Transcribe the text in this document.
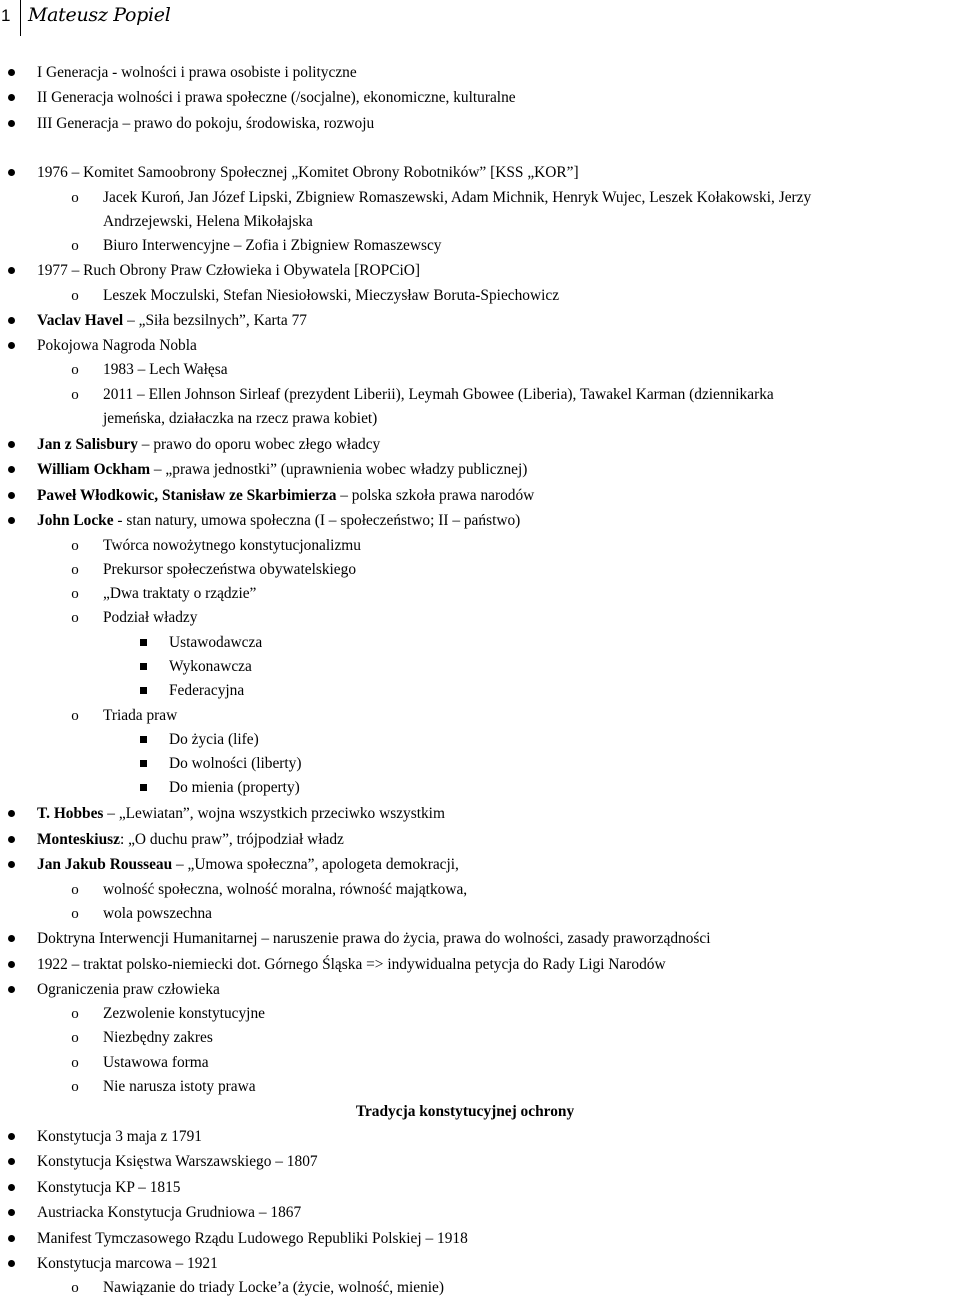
1 Mateusz Popiel
I Generacja - wolności i prawa osobiste i polityczne
II Generacja wolności i prawa społeczne (/socjalne), ekonomiczne, kulturalne
III Generacja – prawo do pokoju, środowiska, rozwoju
1976 – Komitet Samoobrony Społecznej „Komitet Obrony Robotników” [KSS „KOR”]
o Jacek Kuroń, Jan Józef Lipski, Zbigniew Romaszewski, Adam Michnik, Henryk Wujec, Leszek Kołakowski, Jerzy
Andrzejewski, Helena Mikołajska
o Biuro Interwencyjne – Zofia i Zbigniew Romaszewscy
1977 – Ruch Obrony Praw Człowieka i Obywatela [ROPCiO]
o Leszek Moczulski, Stefan Niesiołowski, Mieczysław Boruta-Spiechowicz
Vaclav Havel – „Siła bezsilnych”, Karta 77
Pokojowa Nagroda Nobla
o 1983 – Lech Wałęsa
o 2011 – Ellen Johnson Sirleaf (prezydent Liberii), Leymah Gbowee (Liberia), Tawakel Karman (dziennikarka
jemeńska, działaczka na rzecz prawa kobiet)
Jan z Salisbury – prawo do oporu wobec złego władcy
William Ockham – „prawa jednostki” (uprawnienia wobec władzy publicznej)
Paweł Włodkowic, Stanisław ze Skarbimierza – polska szkoła prawa narodów
John Locke - stan natury, umowa społeczna (I – społeczeństwo; II – państwo)
o Twórca nowożytnego konstytucjonalizmu
o Prekursor społeczeństwa obywatelskiego
o „Dwa traktaty o rządzie”
o Podział władzy
Ustawodawcza
Wykonawcza
Federacyjna
o Triada praw
Do życia (life)
Do wolności (liberty)
Do mienia (property)
T. Hobbes – „Lewiatan”, wojna wszystkich przeciwko wszystkim
Monteskiusz: „O duchu praw”, trójpodział władz
Jan Jakub Rousseau – „Umowa społeczna”, apologeta demokracji,
o wolność społeczna, wolność moralna, równość majątkowa,
o wola powszechna
Doktryna Interwencji Humanitarnej – naruszenie prawa do życia, prawa do wolności, zasady praworządności
1922 – traktat polsko-niemiecki dot. Górnego Śląska => indywidualna petycja do Rady Ligi Narodów
Ograniczenia praw człowieka
o Zezwolenie konstytucyjne
o Niezbędny zakres
o Ustawowa forma
o Nie narusza istoty prawa
Konstytucja 3 maja z 1791
Konstytucja Księstwa Warszawskiego – 1807
Konstytucja KP – 1815
Austriacka Konstytucja Grudniowa – 1867
Manifest Tymczasowego Rządu Ludowego Republiki Polskiej – 1918
Konstytucja marcowa – 1921
o Nawiązanie do triady Locke’a (życie, wolność, mienie)
Tradycja konstytucyjnej ochrony
